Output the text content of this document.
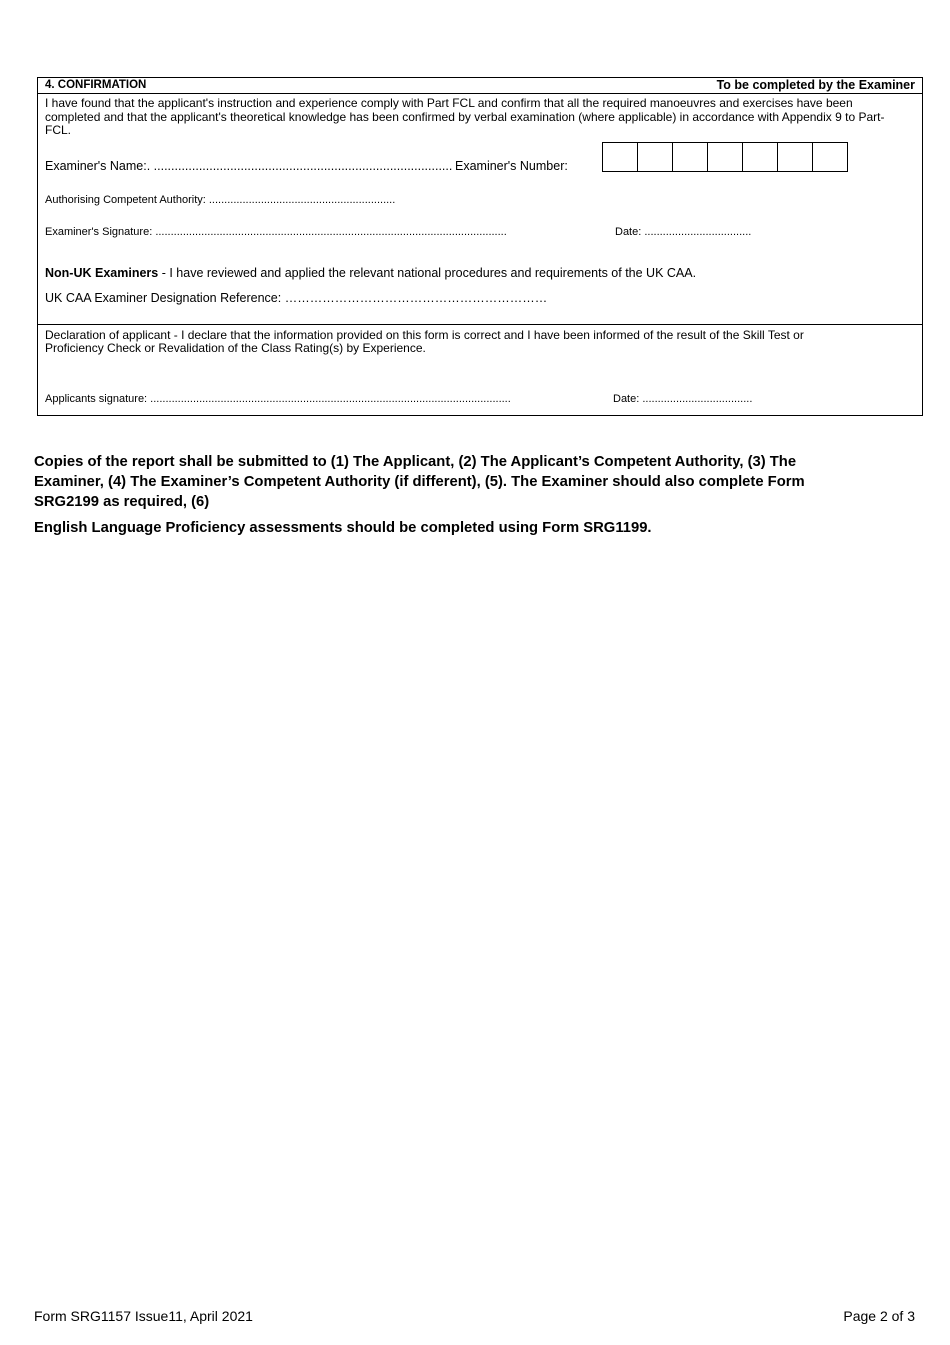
4. CONFIRMATION	To be completed by the Examiner
I have found that the applicant's instruction and experience comply with Part FCL and confirm that all the required manoeuvres and exercises have been completed and that the applicant's theoretical knowledge has been confirmed by verbal examination (where applicable) in accordance with Appendix 9 to Part-FCL.
Examiner's Name:. ...................................................................................... Examiner's Number:
Authorising Competent Authority: .............................................................
Examiner's Signature: ...................................................................................................................	Date: ...................................
Non-UK Examiners - I have reviewed and applied the relevant national procedures and requirements of the UK CAA.
UK CAA Examiner Designation Reference: ………………………………………………………
Declaration of applicant - I declare that the information provided on this form is correct and I have been informed of the result of the Skill Test or Proficiency Check or Revalidation of the Class Rating(s) by Experience.
Applicants signature: ......................................................................................................................	Date: ....................................
Copies of the report shall be submitted to (1) The Applicant, (2) The Applicant’s Competent Authority, (3) The Examiner, (4) The Examiner’s Competent Authority (if different), (5). The Examiner should also complete Form SRG2199 as required, (6)
English Language Proficiency assessments should be completed using Form SRG1199.
Form SRG1157 Issue11, April 2021	Page 2 of 3
